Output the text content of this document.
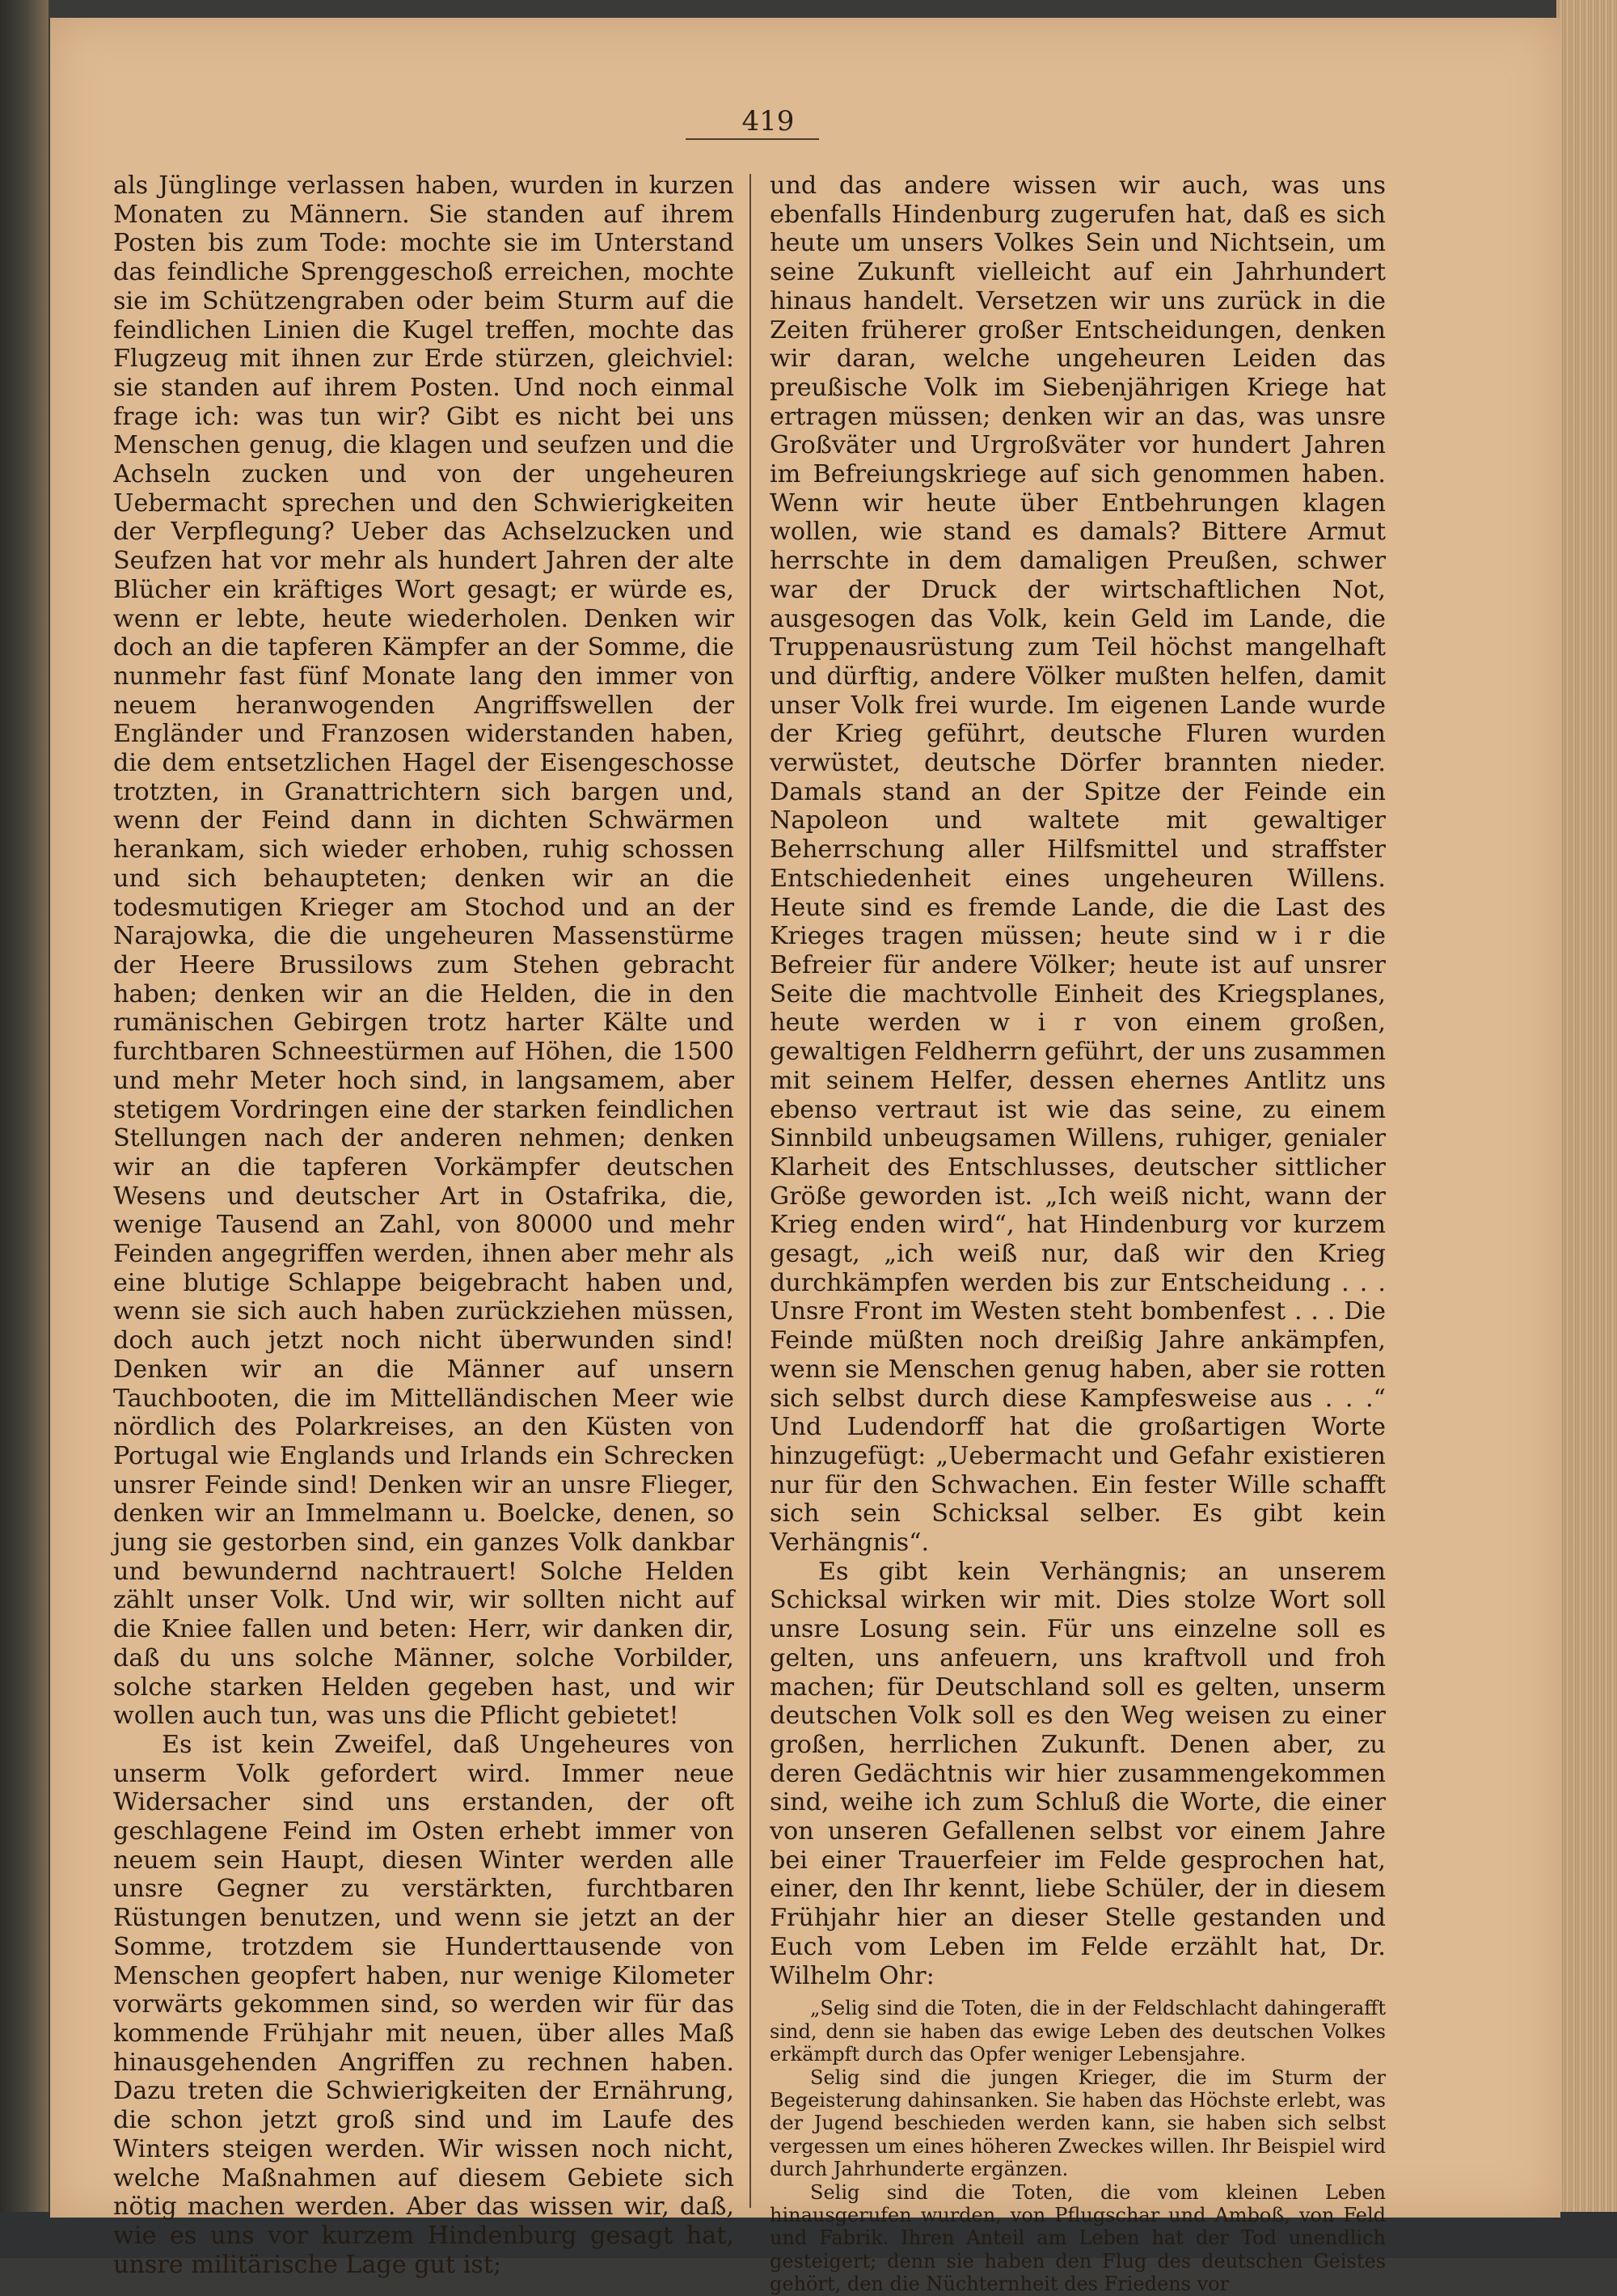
419

als Jünglinge verlassen haben, wurden in kurzen Monaten zu Männern. Sie standen auf ihrem Posten bis zum Tode: mochte sie im Unterstand das feindliche Sprenggeschoß erreichen, mochte sie im Schützengraben oder beim Sturm auf die feindlichen Linien die Kugel treffen, mochte das Flugzeug mit ihnen zur Erde stürzen, gleichviel: sie standen auf ihrem Posten. Und noch einmal frage ich: was tun wir? Gibt es nicht bei uns Menschen genug, die klagen und seufzen und die Achseln zucken und von der ungeheuren Uebermacht sprechen und den Schwierigkeiten der Verpflegung? Ueber das Achselzucken und Seufzen hat vor mehr als hundert Jahren der alte Blücher ein kräftiges Wort gesagt; er würde es, wenn er lebte, heute wiederholen. Denken wir doch an die tapferen Kämpfer an der Somme, die nunmehr fast fünf Monate lang den immer von neuem heranwogenden Angriffswellen der Engländer und Franzosen widerstanden haben, die dem entsetzlichen Hagel der Eisengeschosse trotzten, in Granattrichtern sich bargen und, wenn der Feind dann in dichten Schwärmen herankam, sich wieder erhoben, ruhig schossen und sich behaupteten; denken wir an die todesmutigen Krieger am Stochod und an der Narajowka, die die ungeheuren Massenstürme der Heere Brussilows zum Stehen gebracht haben; denken wir an die Helden, die in den rumänischen Gebirgen trotz harter Kälte und furchtbaren Schneestürmen auf Höhen, die 1500 und mehr Meter hoch sind, in langsamem, aber stetigem Vordringen eine der starken feindlichen Stellungen nach der anderen nehmen; denken wir an die tapferen Vorkämpfer deutschen Wesens und deutscher Art in Ostafrika, die, wenige Tausend an Zahl, von 80000 und mehr Feinden angegriffen werden, ihnen aber mehr als eine blutige Schlappe beigebracht haben und, wenn sie sich auch haben zurückziehen müssen, doch auch jetzt noch nicht überwunden sind! Denken wir an die Männer auf unsern Tauchbooten, die im Mittelländischen Meer wie nördlich des Polarkreises, an den Küsten von Portugal wie Englands und Irlands ein Schrecken unsrer Feinde sind! Denken wir an unsre Flieger, denken wir an Immelmann u. Boelcke, denen, so jung sie gestorben sind, ein ganzes Volk dankbar und bewundernd nachtrauert! Solche Helden zählt unser Volk. Und wir, wir sollten nicht auf die Kniee fallen und beten: Herr, wir danken dir, daß du uns solche Männer, solche Vorbilder, solche starken Helden gegeben hast, und wir wollen auch tun, was uns die Pflicht gebietet!

Es ist kein Zweifel, daß Ungeheures von unserm Volk gefordert wird. Immer neue Widersacher sind uns erstanden, der oft geschlagene Feind im Osten erhebt immer von neuem sein Haupt, diesen Winter werden alle unsre Gegner zu verstärkten, furchtbaren Rüstungen benutzen, und wenn sie jetzt an der Somme, trotzdem sie Hunderttausende von Menschen geopfert haben, nur wenige Kilometer vorwärts gekommen sind, so werden wir für das kommende Frühjahr mit neuen, über alles Maß hinausgehenden Angriffen zu rechnen haben. Dazu treten die Schwierigkeiten der Ernährung, die schon jetzt groß sind und im Laufe des Winters steigen werden. Wir wissen noch nicht, welche Maßnahmen auf diesem Gebiete sich nötig machen werden. Aber das wissen wir, daß, wie es uns vor kurzem Hindenburg gesagt hat, unsre militärische Lage gut ist;

und das andere wissen wir auch, was uns ebenfalls Hindenburg zugerufen hat, daß es sich heute um unsers Volkes Sein und Nichtsein, um seine Zukunft vielleicht auf ein Jahrhundert hinaus handelt. Versetzen wir uns zurück in die Zeiten früherer großer Entscheidungen, denken wir daran, welche ungeheuren Leiden das preußische Volk im Siebenjährigen Kriege hat ertragen müssen; denken wir an das, was unsre Großväter und Urgroßväter vor hundert Jahren im Befreiungskriege auf sich genommen haben. Wenn wir heute über Entbehrungen klagen wollen, wie stand es damals? Bittere Armut herrschte in dem damaligen Preußen, schwer war der Druck der wirtschaftlichen Not, ausgesogen das Volk, kein Geld im Lande, die Truppenausrüstung zum Teil höchst mangelhaft und dürftig, andere Völker mußten helfen, damit unser Volk frei wurde. Im eigenen Lande wurde der Krieg geführt, deutsche Fluren wurden verwüstet, deutsche Dörfer brannten nieder. Damals stand an der Spitze der Feinde ein Napoleon und waltete mit gewaltiger Beherrschung aller Hilfsmittel und straffster Entschiedenheit eines ungeheuren Willens. Heute sind es fremde Lande, die die Last des Krieges tragen müssen; heute sind w i r die Befreier für andere Völker; heute ist auf unsrer Seite die machtvolle Einheit des Kriegsplanes, heute werden w i r von einem großen, gewaltigen Feldherrn geführt, der uns zusammen mit seinem Helfer, dessen ehernes Antlitz uns ebenso vertraut ist wie das seine, zu einem Sinnbild unbeugsamen Willens, ruhiger, genialer Klarheit des Entschlusses, deutscher sittlicher Größe geworden ist. „Ich weiß nicht, wann der Krieg enden wird“, hat Hindenburg vor kurzem gesagt, „ich weiß nur, daß wir den Krieg durchkämpfen werden bis zur Entscheidung . . . Unsre Front im Westen steht bombenfest . . . Die Feinde müßten noch dreißig Jahre ankämpfen, wenn sie Menschen genug haben, aber sie rotten sich selbst durch diese Kampfesweise aus . . .“ Und Ludendorff hat die großartigen Worte hinzugefügt: „Uebermacht und Gefahr existieren nur für den Schwachen. Ein fester Wille schafft sich sein Schicksal selber. Es gibt kein Verhängnis“.

Es gibt kein Verhängnis; an unserem Schicksal wirken wir mit. Dies stolze Wort soll unsre Losung sein. Für uns einzelne soll es gelten, uns anfeuern, uns kraftvoll und froh machen; für Deutschland soll es gelten, unserm deutschen Volk soll es den Weg weisen zu einer großen, herrlichen Zukunft. Denen aber, zu deren Gedächtnis wir hier zusammengekommen sind, weihe ich zum Schluß die Worte, die einer von unseren Gefallenen selbst vor einem Jahre bei einer Trauerfeier im Felde gesprochen hat, einer, den Ihr kennt, liebe Schüler, der in diesem Frühjahr hier an dieser Stelle gestanden und Euch vom Leben im Felde erzählt hat, Dr. Wilhelm Ohr:

„Selig sind die Toten, die in der Feldschlacht dahingerafft sind, denn sie haben das ewige Leben des deutschen Volkes erkämpft durch das Opfer weniger Lebensjahre.

Selig sind die jungen Krieger, die im Sturm der Begeisterung dahinsanken. Sie haben das Höchste erlebt, was der Jugend beschieden werden kann, sie haben sich selbst vergessen um eines höheren Zweckes willen. Ihr Beispiel wird durch Jahrhunderte ergänzen.

Selig sind die Toten, die vom kleinen Leben hinausgerufen wurden, von Pflugschar und Amboß, von Feld und Fabrik. Ihren Anteil am Leben hat der Tod unendlich gesteigert; denn sie haben den Flug des deutschen Geistes gehört, den die Nüchternheit des Friedens vor
